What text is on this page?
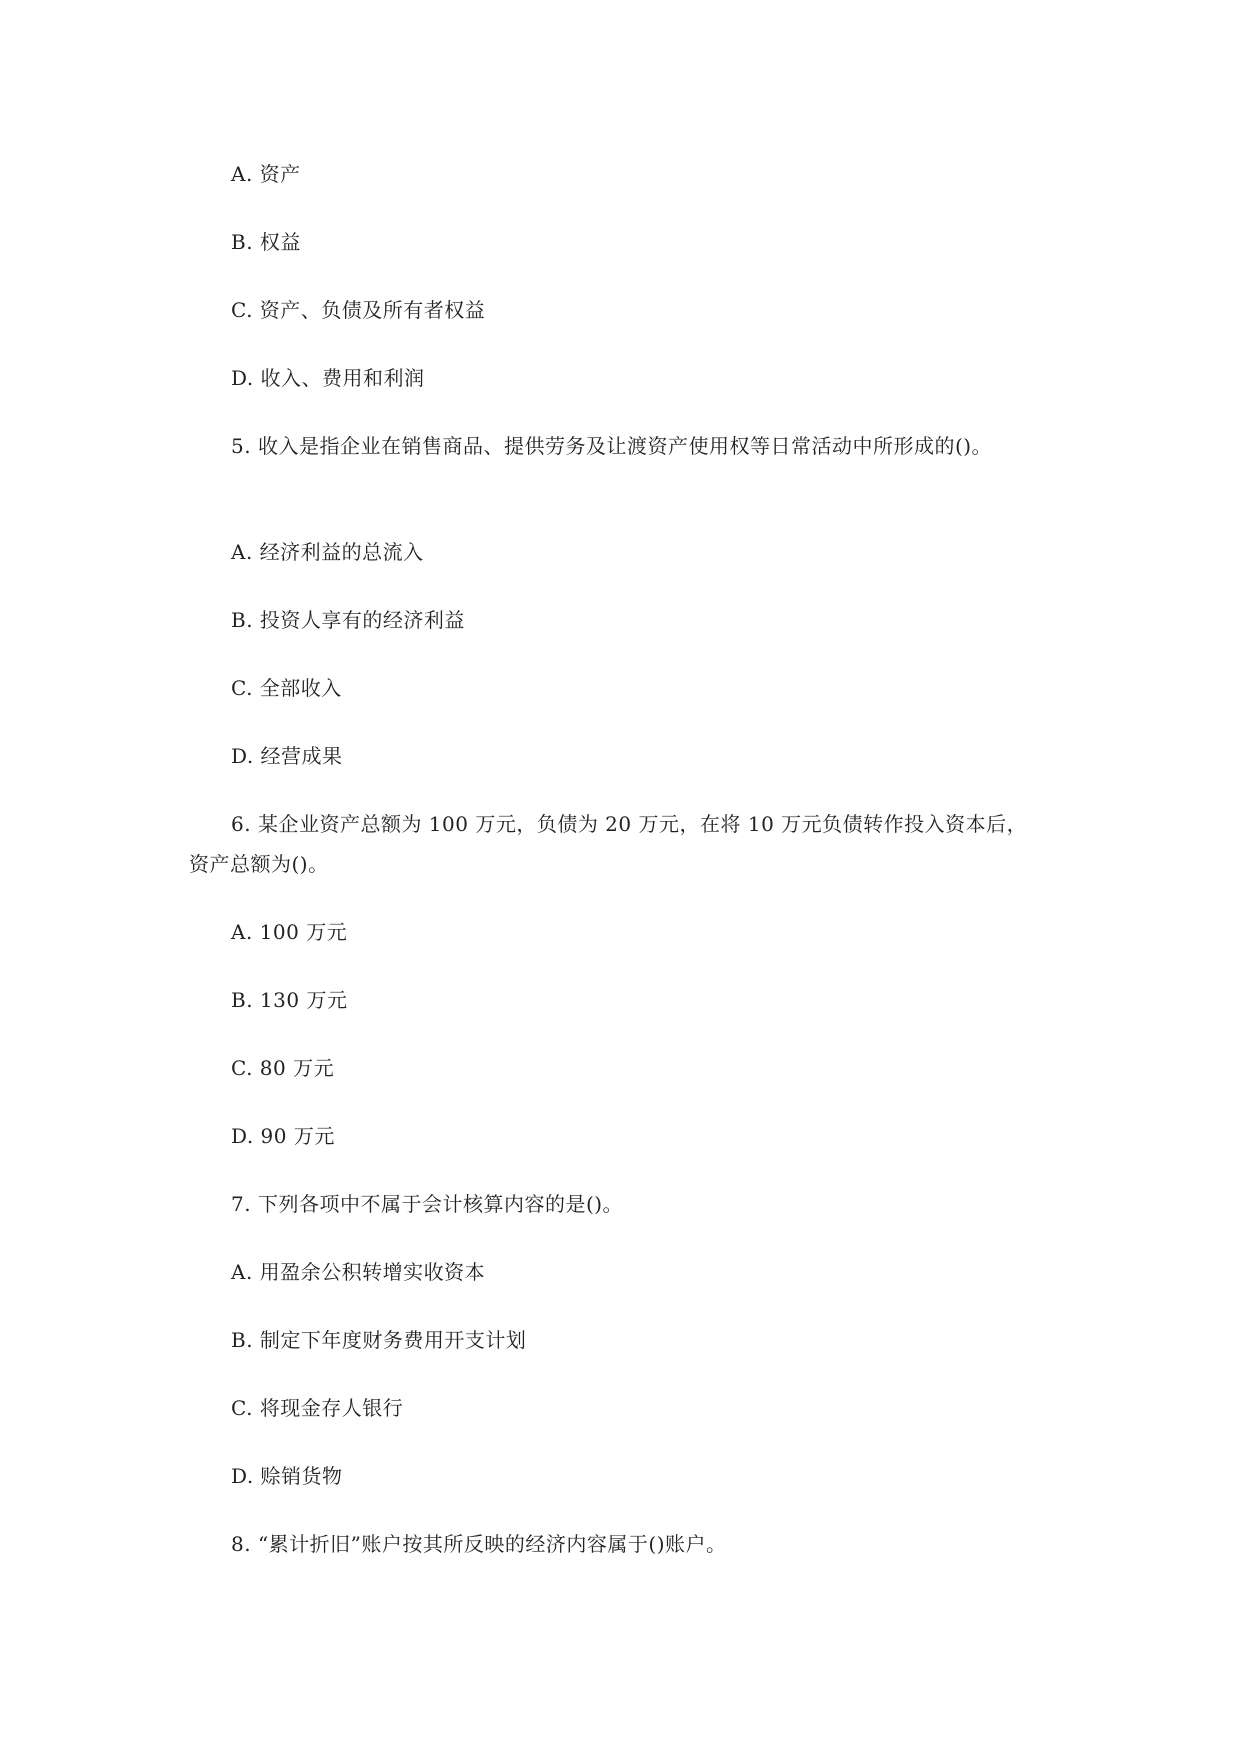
A. 资产
B. 权益
C. 资产、负债及所有者权益
D. 收入、费用和利润
5. 收入是指企业在销售商品、提供劳务及让渡资产使用权等日常活动中所形成的()。
A. 经济利益的总流入
B. 投资人享有的经济利益
C. 全部收入
D. 经营成果
6. 某企业资产总额为 100 万元，负债为 20 万元，在将 10 万元负债转作投入资本后，
资产总额为()。
A. 100 万元
B. 130 万元
C. 80 万元
D. 90 万元
7. 下列各项中不属于会计核算内容的是()。
A. 用盈余公积转增实收资本
B. 制定下年度财务费用开支计划
C. 将现金存人银行
D. 赊销货物
8. “累计折旧”账户按其所反映的经济内容属于()账户。
